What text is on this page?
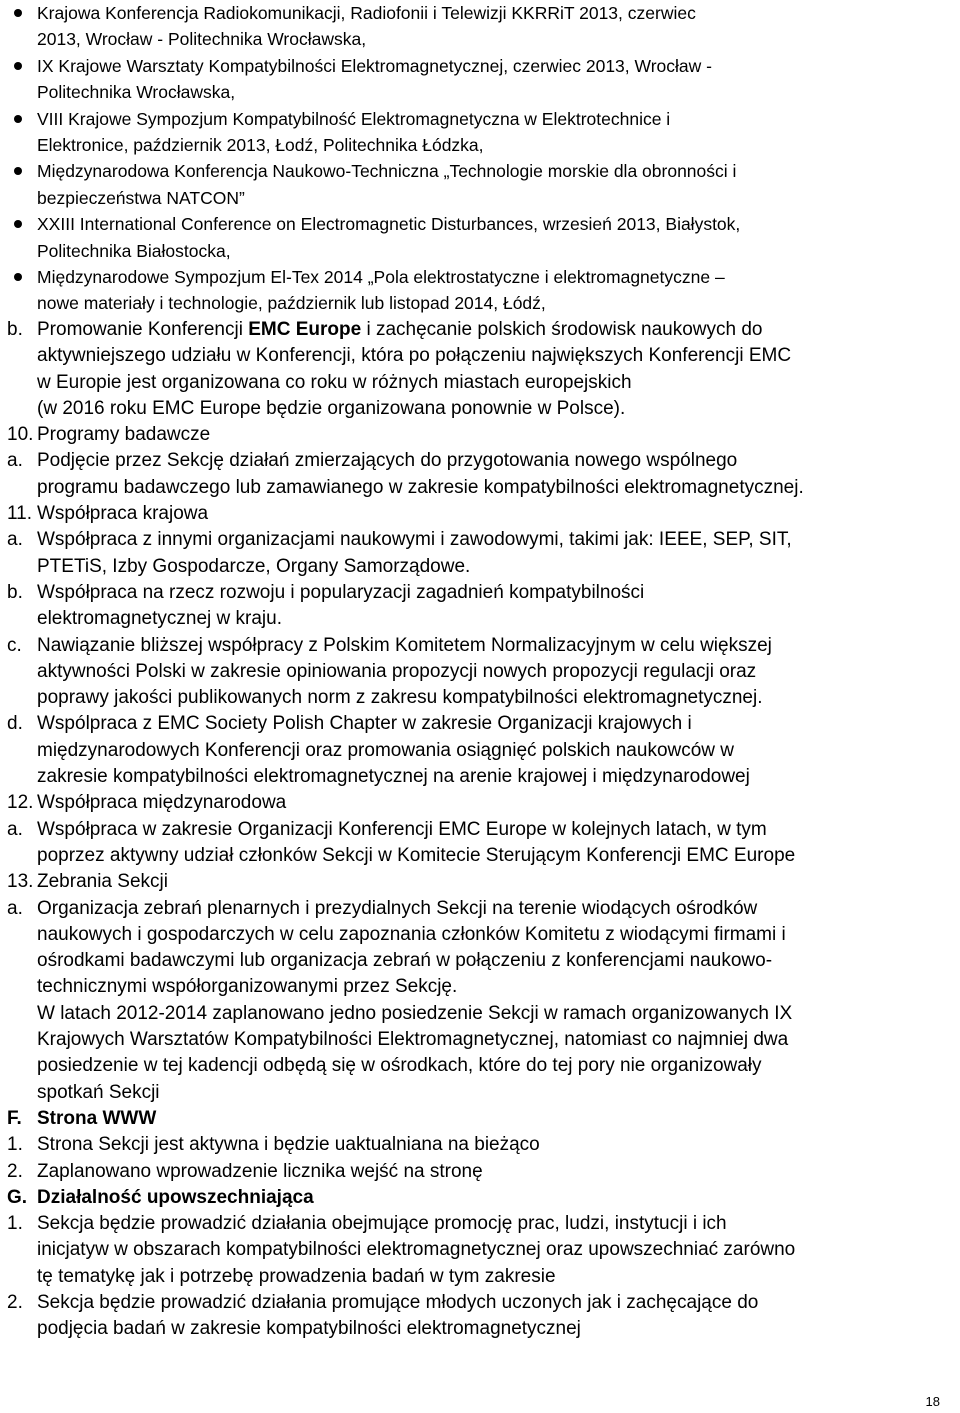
Krajowa Konferencja Radiokomunikacji, Radiofonii i Telewizji KKRRiT 2013, czerwiec
2013, Wrocław - Politechnika Wrocławska,
IX Krajowe Warsztaty Kompatybilności Elektromagnetycznej, czerwiec 2013, Wrocław -
Politechnika Wrocławska,
VIII Krajowe Sympozjum Kompatybilność Elektromagnetyczna w Elektrotechnice i
Elektronice, październik 2013, Łodź, Politechnika Łódzka,
Międzynarodowa Konferencja Naukowo-Techniczna „Technologie morskie dla obronności i
bezpieczeństwa NATCON”
XXIII International Conference on Electromagnetic Disturbances, wrzesień 2013, Białystok,
Politechnika Białostocka,
Międzynarodowe Sympozjum El-Tex 2014 „Pola elektrostatyczne i elektromagnetyczne –
nowe materiały i technologie, październik lub listopad 2014, Łódź,
b. Promowanie Konferencji EMC Europe i zachęcanie polskich środowisk naukowych do
aktywniejszego udziału w Konferencji, która po połączeniu największych Konferencji EMC
w Europie jest organizowana co roku w różnych miastach europejskich
(w 2016 roku EMC Europe będzie organizowana ponownie w Polsce).
10. Programy badawcze
a. Podjęcie przez Sekcję działań zmierzających do przygotowania nowego wspólnego
programu badawczego lub zamawianego w zakresie kompatybilności elektromagnetycznej.
11. Współpraca krajowa
a. Współpraca z innymi organizacjami naukowymi i zawodowymi, takimi jak: IEEE, SEP, SIT,
PTETiS, Izby Gospodarcze, Organy Samorządowe.
b. Współpraca na rzecz rozwoju i popularyzacji zagadnień kompatybilności
elektromagnetycznej w kraju.
c. Nawiązanie bliższej współpracy z Polskim Komitetem Normalizacyjnym w celu większej
aktywności Polski w zakresie opiniowania propozycji nowych propozycji regulacji oraz
poprawy jakości publikowanych norm z zakresu kompatybilności elektromagnetycznej.
d. Wspólpraca z EMC Society Polish Chapter w zakresie Organizacji krajowych i
międzynarodowych Konferencji oraz promowania osiągnięć polskich naukowców w
zakresie kompatybilności elektromagnetycznej na arenie krajowej i międzynarodowej
12. Współpraca międzynarodowa
a. Współpraca w zakresie Organizacji Konferencji EMC Europe w kolejnych latach, w tym
poprzez aktywny udział członków Sekcji w Komitecie Sterującym Konferencji EMC Europe
13. Zebrania Sekcji
a. Organizacja zebrań plenarnych i prezydialnych Sekcji na terenie wiodących ośrodków
naukowych i gospodarczych w celu zapoznania członków Komitetu z wiodącymi firmami i
ośrodkami badawczymi lub organizacja zebrań w połączeniu z konferencjami naukowo-
technicznymi współorganizowanymi przez Sekcję.
W latach 2012-2014 zaplanowano jedno posiedzenie Sekcji w ramach organizowanych IX
Krajowych Warsztatów Kompatybilności Elektromagnetycznej, natomiast co najmniej dwa
posiedzenie w tej kadencji odbędą się w ośrodkach, które do tej pory nie organizowały
spotkań Sekcji
F. Strona WWW
1. Strona Sekcji jest aktywna i będzie uaktualniana na bieżąco
2. Zaplanowano wprowadzenie licznika wejść na stronę
G. Działalność upowszechniająca
1. Sekcja będzie prowadzić działania obejmujące promocję prac, ludzi, instytucji i ich
inicjatyw w obszarach kompatybilności elektromagnetycznej oraz upowszechniać zarówno
tę tematykę jak i potrzebę prowadzenia badań w tym zakresie
2. Sekcja będzie prowadzić działania promujące młodych uczonych jak i zachęcające do
podjęcia badań w zakresie kompatybilności elektromagnetycznej
18
